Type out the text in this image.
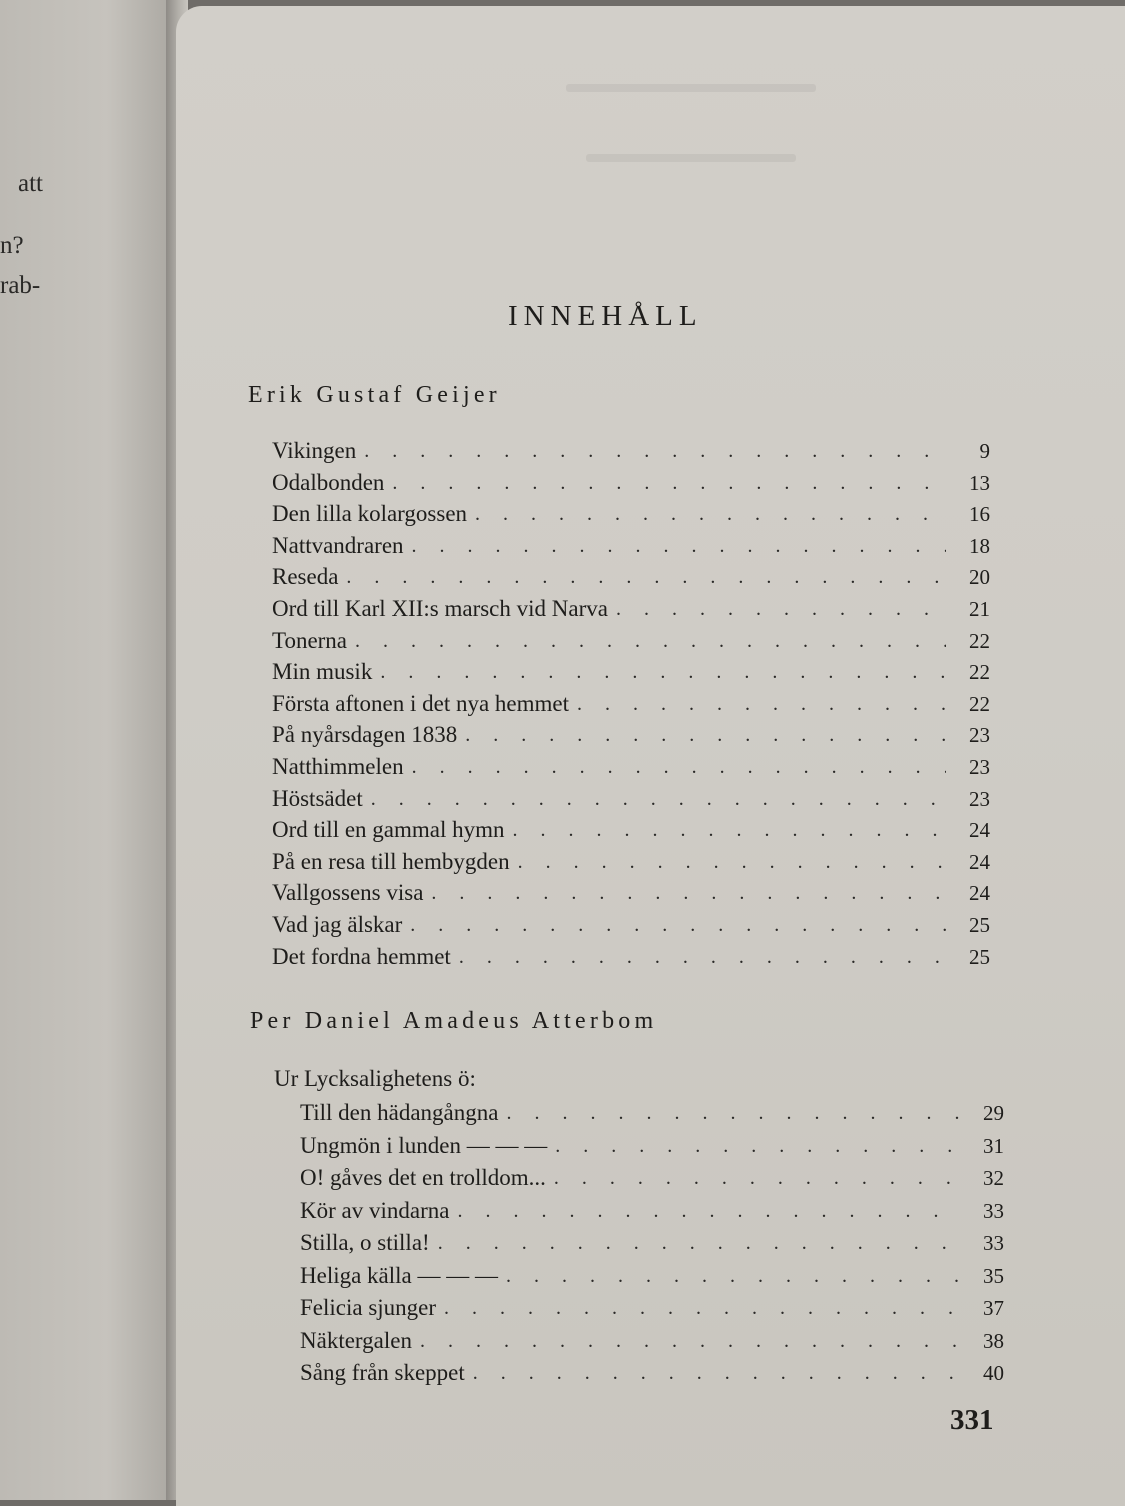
att
n?
rab-
INNEHÅLL
Erik Gustaf Geijer
Per Daniel Amadeus Atterbom
Ur Lycksalighetens ö:
Vikingen . . .	9
Odalbonden . . .	13
Den lilla kolargossen . . .	16
Nattvandraren . . .	18
Reseda . . .	20
Ord till Karl XII:s marsch vid Narva . . .	21
Tonerna . . .	22
Min musik . . .	22
Första aftonen i det nya hemmet . . .	22
På nyårsdagen 1838 . . .	23
Natthimmelen . . .	23
Höstsädet . . .	23
Ord till en gammal hymn . . .	24
På en resa till hembygden . . .	24
Vallgossens visa . . .	24
Vad jag älskar . . .	25
Det fordna hemmet . . .	25
Till den hädangångna . . .	29
Ungmön i lunden — — — . . .	31
O! gåves det en trolldom... . . .	32
Kör av vindarna . . .	33
Stilla, o stilla! . . .	33
Heliga källa — — — . . .	35
Felicia sjunger . . .	37
Näktergalen . . .	38
Sång från skeppet . . .	40
331
